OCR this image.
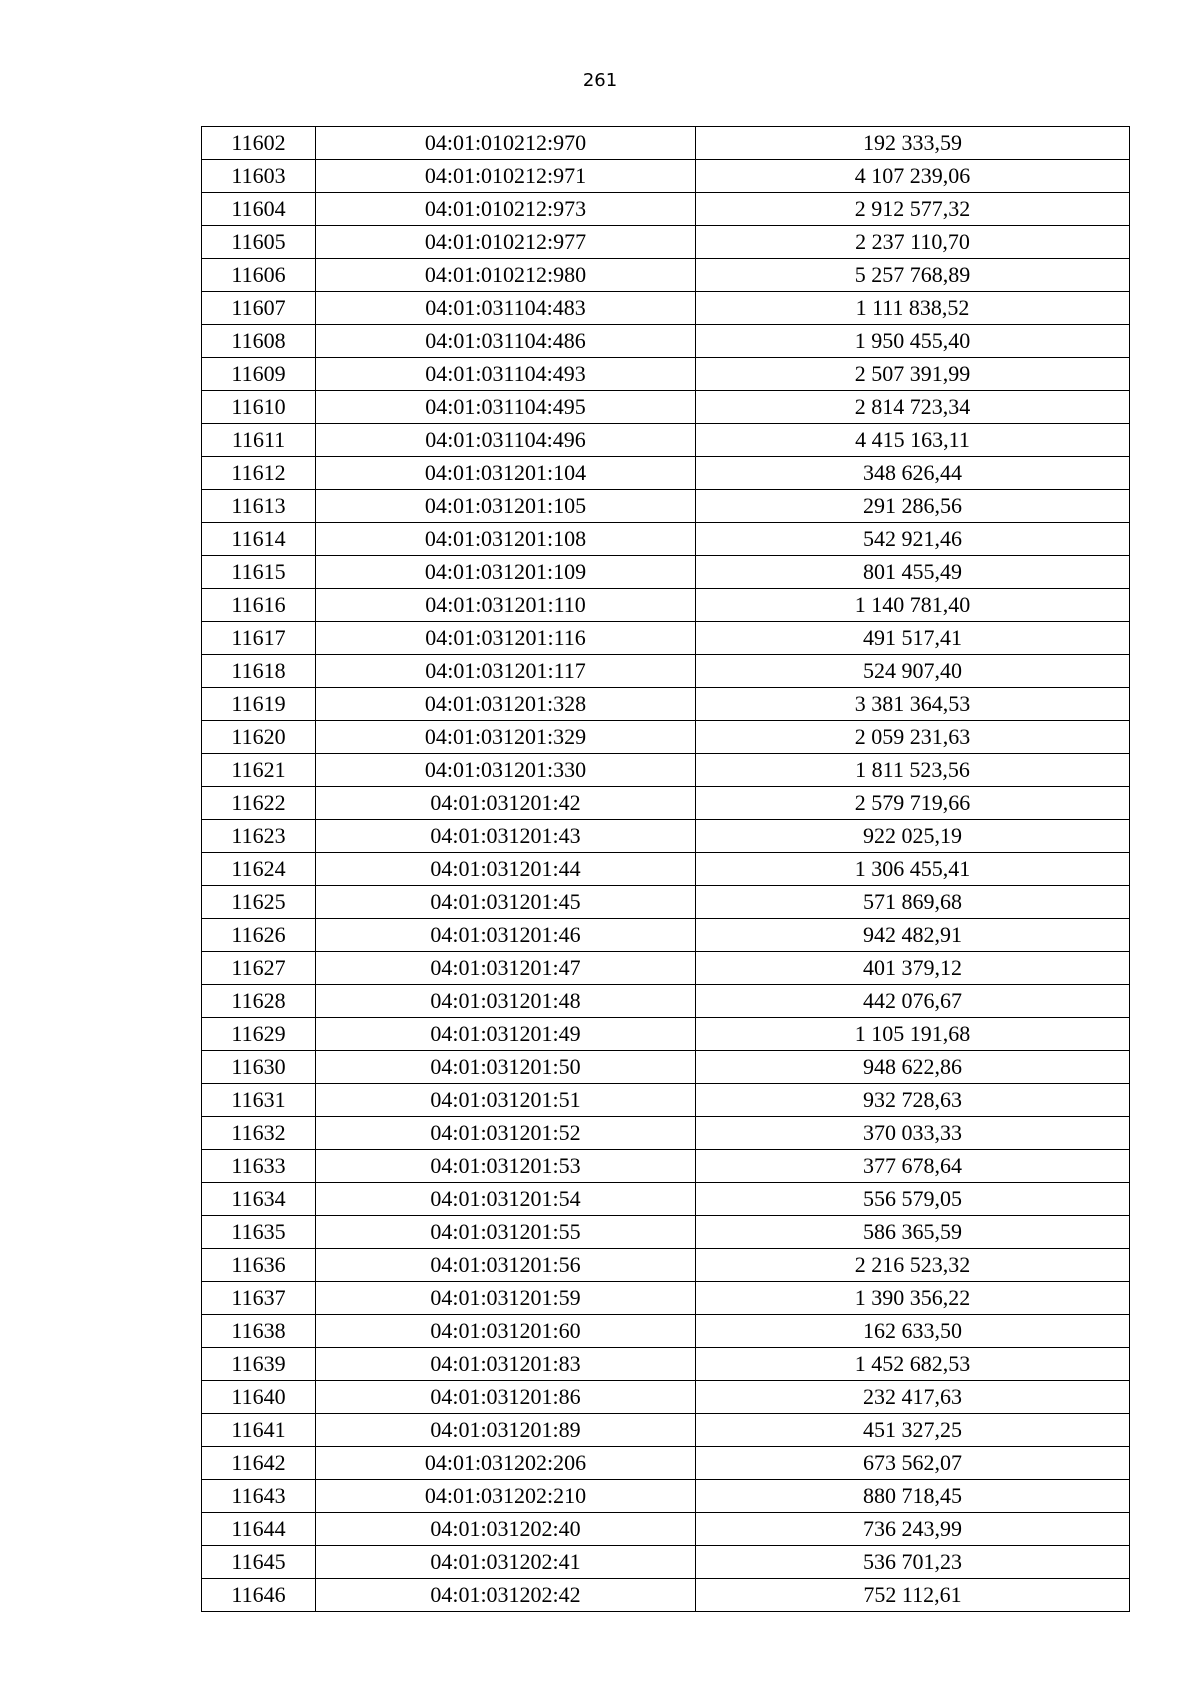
261
11602	04:01:010212:970	192 333,59
11603	04:01:010212:971	4 107 239,06
11604	04:01:010212:973	2 912 577,32
11605	04:01:010212:977	2 237 110,70
11606	04:01:010212:980	5 257 768,89
11607	04:01:031104:483	1 111 838,52
11608	04:01:031104:486	1 950 455,40
11609	04:01:031104:493	2 507 391,99
11610	04:01:031104:495	2 814 723,34
11611	04:01:031104:496	4 415 163,11
11612	04:01:031201:104	348 626,44
11613	04:01:031201:105	291 286,56
11614	04:01:031201:108	542 921,46
11615	04:01:031201:109	801 455,49
11616	04:01:031201:110	1 140 781,40
11617	04:01:031201:116	491 517,41
11618	04:01:031201:117	524 907,40
11619	04:01:031201:328	3 381 364,53
11620	04:01:031201:329	2 059 231,63
11621	04:01:031201:330	1 811 523,56
11622	04:01:031201:42	2 579 719,66
11623	04:01:031201:43	922 025,19
11624	04:01:031201:44	1 306 455,41
11625	04:01:031201:45	571 869,68
11626	04:01:031201:46	942 482,91
11627	04:01:031201:47	401 379,12
11628	04:01:031201:48	442 076,67
11629	04:01:031201:49	1 105 191,68
11630	04:01:031201:50	948 622,86
11631	04:01:031201:51	932 728,63
11632	04:01:031201:52	370 033,33
11633	04:01:031201:53	377 678,64
11634	04:01:031201:54	556 579,05
11635	04:01:031201:55	586 365,59
11636	04:01:031201:56	2 216 523,32
11637	04:01:031201:59	1 390 356,22
11638	04:01:031201:60	162 633,50
11639	04:01:031201:83	1 452 682,53
11640	04:01:031201:86	232 417,63
11641	04:01:031201:89	451 327,25
11642	04:01:031202:206	673 562,07
11643	04:01:031202:210	880 718,45
11644	04:01:031202:40	736 243,99
11645	04:01:031202:41	536 701,23
11646	04:01:031202:42	752 112,61
